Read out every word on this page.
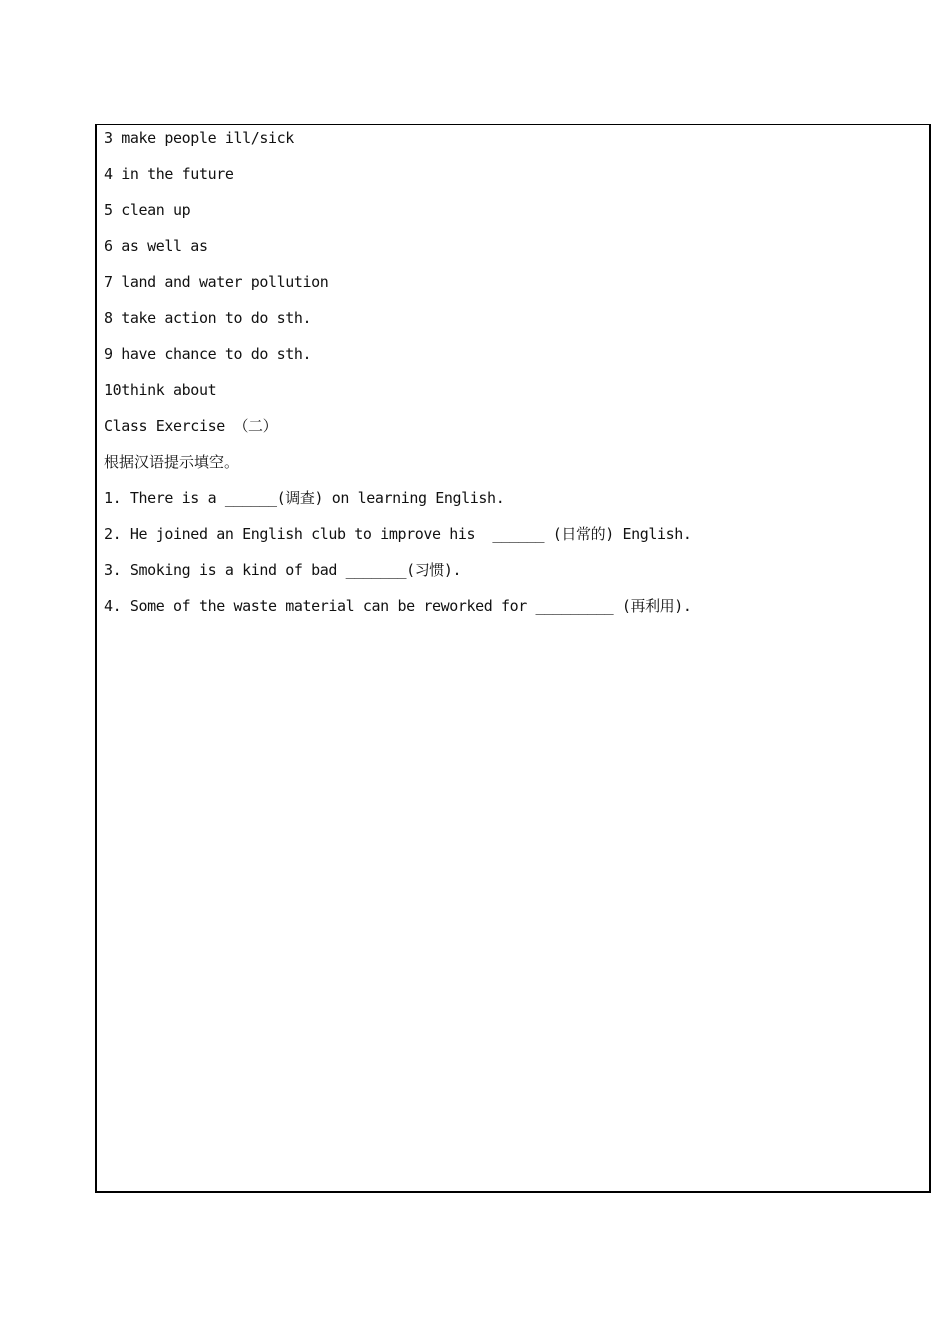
3 make people ill/sick
4 in the future
5 clean up
6 as well as
7 land and water pollution
8 take action to do sth.
9 have chance to do sth.
10think about
Class Exercise （二）
根据汉语提示填空。
1. There is a ______(调查) on learning English.
2. He joined an English club to improve his  ______ (日常的) English.
3. Smoking is a kind of bad _______(习惯).
4. Some of the waste material can be reworked for _________ (再利用).
